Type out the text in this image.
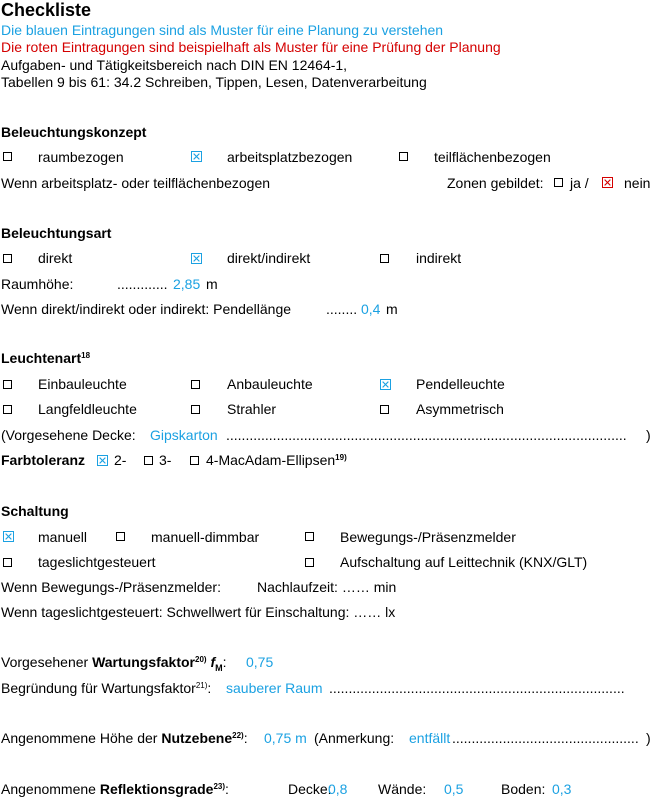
Checkliste
Die blauen Eintragungen sind als Muster für eine Planung zu verstehen
Die roten Eintragungen sind beispielhaft als Muster für eine Prüfung der Planung
Aufgaben- und Tätigkeitsbereich nach DIN EN 12464-1,
Tabellen 9 bis 61: 34.2 Schreiben, Tippen, Lesen, Datenverarbeitung
Beleuchtungskonzept
raumbezogen	arbeitsplatzbezogen	teilflächenbezogen
Wenn arbeitsplatz- oder teilflächenbezogen	Zonen gebildet: ja /	nein
Beleuchtungsart
direkt	direkt/indirekt	indirekt
Raumhöhe:	............. 2,85 m
Wenn direkt/indirekt oder indirekt: Pendellänge ........ 0,4 m
Leuchtenart$^{18}$
Einbauleuchte	Anbauleuchte	Pendelleuchte
Langfeldleuchte	Strahler	Asymmetrisch
(Vorgesehene Decke: Gipskarton .......................................................................................................	)
Farbtoleranz 2- 3- 4-MacAdam-Ellipsen$^{19)}$
Schaltung
manuell	manuell-dimmbar	Bewegungs-/Präsenzmelder
tageslichtgesteuert	Aufschaltung auf Leittechnik (KNX/GLT)
Wenn Bewegungs-/Präsenzmelder:	Nachlaufzeit: …… min
Wenn tageslichtgesteuert: Schwellwert für Einschaltung: …… lx
Vorgesehener Wartungsfaktor$^{20)}$ $f_M$: 0,75
Begründung für Wartungsfaktor$^{21)}$: sauberer Raum ............................................................................
Angenommene Höhe der Nutzebene$^{22)}$: 0,75 m (Anmerkung: entfällt ................................................ )
Angenommene Reflektionsgrade$^{23)}$:	Decke:
0,8 Wände: 0,5	Boden: 0,3
